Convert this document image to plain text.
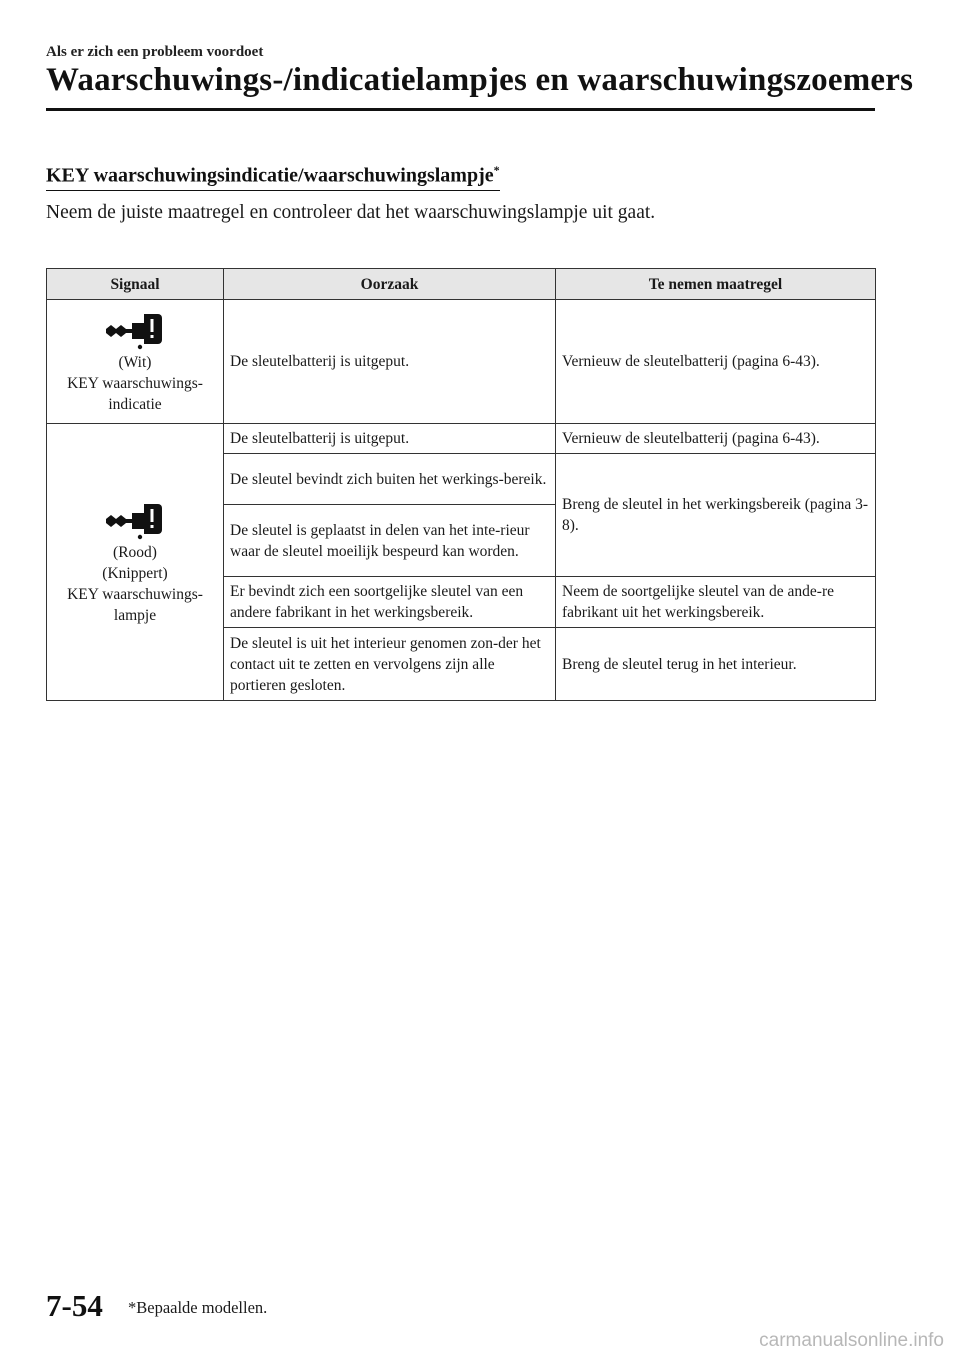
Als er zich een probleem voordoet
Waarschuwings-/indicatielampjes en waarschuwingszoemers
KEY waarschuwingsindicatie/waarschuwingslampje*
Neem de juiste maatregel en controleer dat het waarschuwingslampje uit gaat.
Signaal	Oorzaak	Te nemen maatregel

(Wit)
KEY waarschuwings-
indicatie	De sleutelbatterij is uitgeput.	Vernieuw de sleutelbatterij (pagina 6-43).

(Rood)
(Knippert)
KEY waarschuwings-
lampje	De sleutelbatterij is uitgeput.	Vernieuw de sleutelbatterij (pagina 6-43).
	De sleutel bevindt zich buiten het werkings-bereik.	Breng de sleutel in het werkingsbereik (pagina 3-8).
	De sleutel is geplaatst in delen van het inte-rieur waar de sleutel moeilijk bespeurd kan worden.	
	Er bevindt zich een soortgelijke sleutel van een andere fabrikant in het werkingsbereik.	Neem de soortgelijke sleutel van de ande-re fabrikant uit het werkingsbereik.
	De sleutel is uit het interieur genomen zon-der het contact uit te zetten en vervolgens zijn alle portieren gesloten.	Breng de sleutel terug in het interieur.
7-54 *Bepaalde modellen.
carmanualsonline.info
